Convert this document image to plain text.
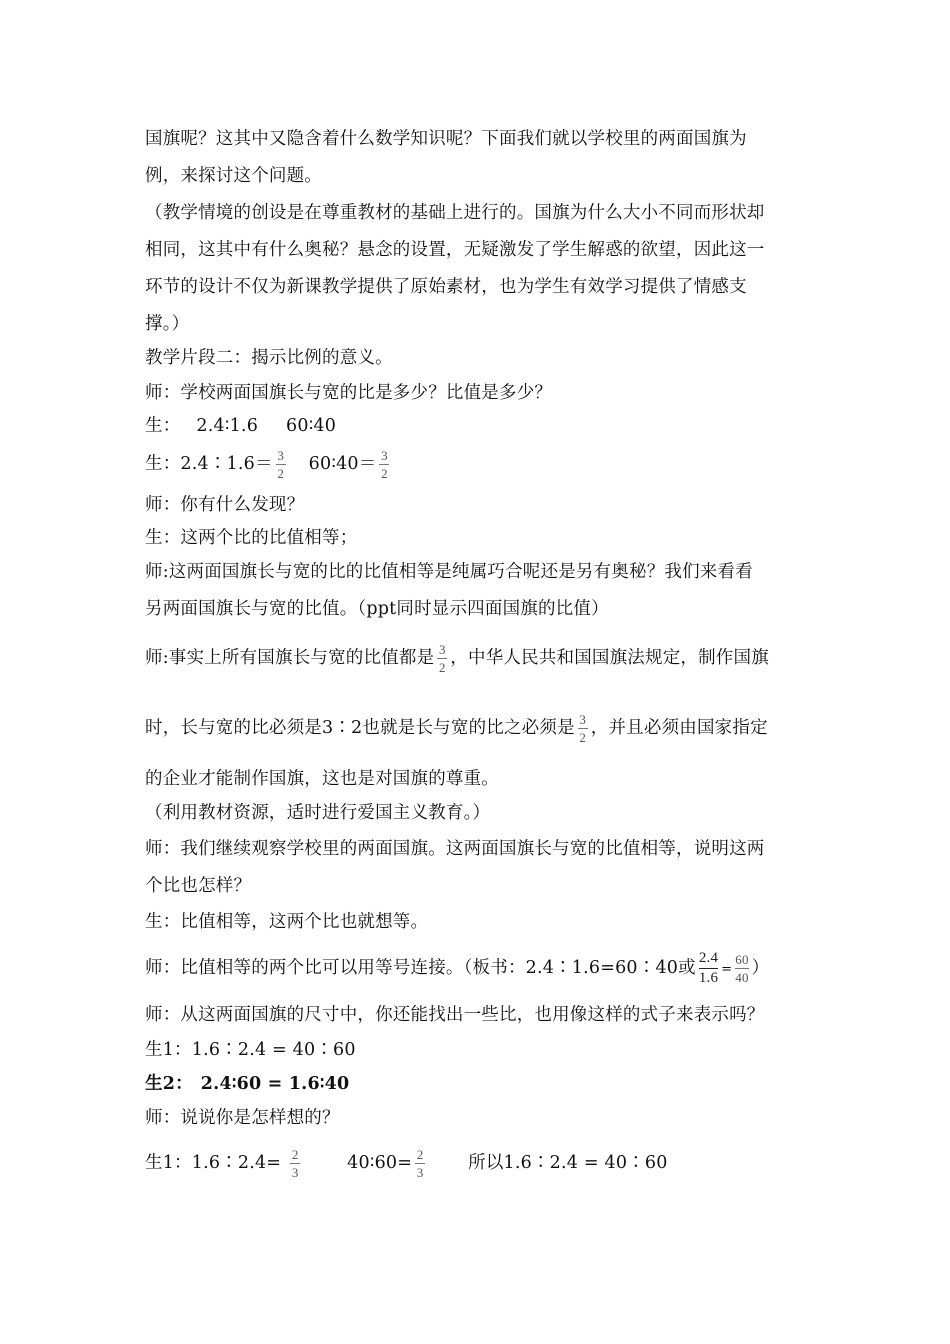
国旗呢？这其中又隐含着什么数学知识呢？下面我们就以学校里的两面国旗为
例，来探讨这个问题。
（教学情境的创设是在尊重教材的基础上进行的。国旗为什么大小不同而形状却
相同，这其中有什么奥秘？悬念的设置，无疑激发了学生解惑的欲望，因此这一
环节的设计不仅为新课教学提供了原始素材，也为学生有效学习提供了情感支
撑。）
教学片段二：揭示比例的意义。
师：学校两面国旗长与宽的比是多少？比值是多少？
生： 2.4∶1.6 60∶40
生：2.4∶1.6＝ $\frac{3}{2}$ 60∶40＝ $\frac{3}{2}$
师：你有什么发现？
生：这两个比的比值相等；
师:这两面国旗长与宽的比的比值相等是纯属巧合呢还是另有奥秘？我们来看看
另两面国旗长与宽的比值。（ppt同时显示四面国旗的比值）
师:事实上所有国旗长与宽的比值都是 $\frac{3}{2}$ ，中华人民共和国国旗法规定，制作国旗
时，长与宽的比必须是3∶2也就是长与宽的比之必须是 $\frac{3}{2}$ ，并且必须由国家指定
的企业才能制作国旗，这也是对国旗的尊重。
（利用教材资源，适时进行爱国主义教育。）
师：我们继续观察学校里的两面国旗。这两面国旗长与宽的比值相等，说明这两
个比也怎样？
生：比值相等，这两个比也就想等。
师：比值相等的两个比可以用等号连接。（板书：2.4∶1.6=60∶40或 $\frac{2.4}{1.6} = \frac{60}{40}$ ）
师：从这两面国旗的尺寸中，你还能找出一些比，也用像这样的式子来表示吗？
生1：1.6∶2.4 = 40∶60
生2： 2.4∶60 = 1.6∶40
师：说说你是怎样想的？
生1：1.6∶2.4= $\frac{2}{3}$	40∶60= $\frac{2}{3}$ 所以1.6∶2.4 = 40∶60
